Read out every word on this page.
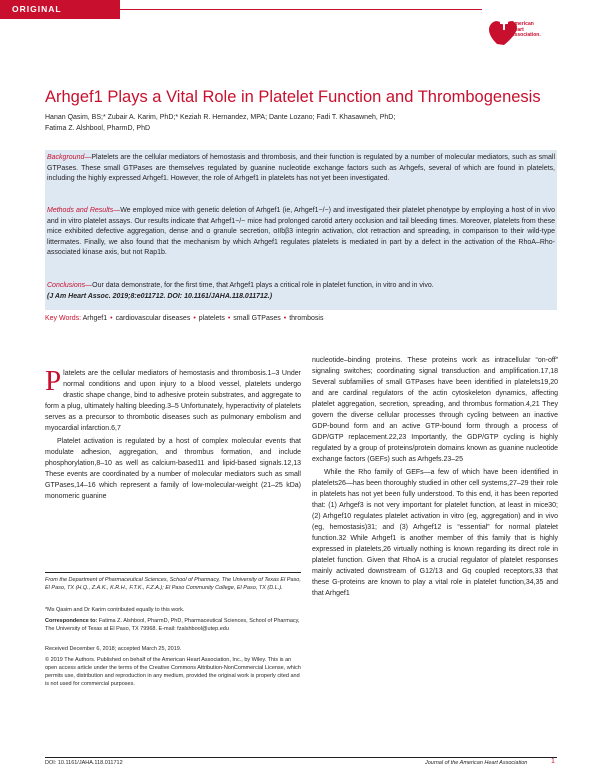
ORIGINAL RESEARCH	American
Heart
Association.
Arhgef1 Plays a Vital Role in Platelet Function and Thrombogenesis
Hanan Qasim, BS;* Zubair A. Karim, PhD;* Keziah R. Hernandez, MPA; Dante Lozano; Fadi T. Khasawneh, PhD;
Fatima Z. Alshbool, PharmD, PhD
Background—Platelets are the cellular mediators of hemostasis and thrombosis, and their function is regulated by a number of molecular mediators, such as small GTPases. These small GTPases are themselves regulated by guanine nucleotide exchange factors such as Arhgefs, several of which are found in platelets, including the highly expressed Arhgef1. However, the role of Arhgef1 in platelets has not yet been investigated.
Methods and Results—We employed mice with genetic deletion of Arhgef1 (ie, Arhgef1−/−) and investigated their platelet phenotype by employing a host of in vivo and in vitro platelet assays. Our results indicate that Arhgef1−/− mice had prolonged carotid artery occlusion and tail bleeding times. Moreover, platelets from these mice exhibited defective aggregation, dense and α granule secretion, αIIbβ3 integrin activation, clot retraction and spreading, in comparison to their wild-type littermates. Finally, we also found that the mechanism by which Arhgef1 regulates platelets is mediated in part by a defect in the activation of the RhoA–Rho-associated kinase axis, but not Rap1b.
Conclusions—Our data demonstrate, for the first time, that Arhgef1 plays a critical role in platelet function, in vitro and in vivo.
(J Am Heart Assoc. 2019;8:e011712. DOI: 10.1161/JAHA.118.011712.)
Key Words: Arhgef1 • cardiovascular diseases • platelets • small GTPases • thrombosis

Platelets are the cellular mediators of hemostasis and thrombosis.1–3 Under normal conditions and upon injury to a blood vessel, platelets undergo drastic shape change, bind to adhesive protein substrates, and aggregate to form a plug, ultimately halting bleeding.3–5 Unfortunately, hyperactivity of platelets serves as a precursor to thrombotic diseases such as pulmonary embolism and myocardial infarction.6,7

Platelet activation is regulated by a host of complex molecular events that modulate adhesion, aggregation, and thrombus formation, and include phosphorylation,8–10 as well as calcium-based11 and lipid-based signals.12,13 These events are coordinated by a number of molecular mediators such as small GTPases,14–16 which represent a family of low-molecular-weight (21–25 kDa) monomeric guanine

From the Department of Pharmaceutical Sciences, School of Pharmacy, The University of Texas El Paso, El Paso, TX (H.Q., Z.A.K., K.R.H., F.T.K., F.Z.A.); El Paso Community College, El Paso, TX (D.L.).
*Ms Qasim and Dr Karim contributed equally to this work.
Correspondence to: Fatima Z. Alshbool, PharmD, PhD, Pharmaceutical Sciences, School of Pharmacy, The University of Texas at El Paso, TX 79968. E-mail: fzalshbool@utep.edu
Received December 6, 2018; accepted March 25, 2019.
© 2019 The Authors. Published on behalf of the American Heart Association, Inc., by Wiley. This is an open access article under the terms of the Creative Commons Attribution-NonCommercial License, which permits use, distribution and reproduction in any medium, provided the original work is properly cited and is not used for commercial purposes.

nucleotide–binding proteins. These proteins work as intracellular “on-off” signaling switches; coordinating signal transduction and amplification.17,18 Several subfamilies of small GTPases have been identified in platelets19,20 and are cardinal regulators of the actin cytoskeleton dynamics, affecting platelet aggregation, secretion, spreading, and thrombus formation.4,21 They govern the diverse cellular processes through cycling between an inactive GDP-bound form and an active GTP-bound form through a process of GDP/GTP replacement.22,23 Importantly, the GDP/GTP cycling is highly regulated by a group of proteins/protein domains known as guanine nucleotide exchange factors (GEFs) such as Arhgefs.23–25

While the Rho family of GEFs—a few of which have been identified in platelets26—has been thoroughly studied in other cell systems,27–29 their role in platelets has not yet been fully understood. To this end, it has been reported that: (1) Arhgef3 is not very important for platelet function, at least in mice30; (2) Arhgef10 regulates platelet activation in vitro (eg, aggregation) and in vivo (eg, hemostasis)31; and (3) Arhgef12 is “essential” for normal platelet function.32 While Arhgef1 is another member of this family that is highly expressed in platelets,26 virtually nothing is known regarding its direct role in platelet function. Given that RhoA is a crucial regulator of platelet responses mainly activated downstream of G12/13 and Gq coupled receptors,33 that these G-proteins are known to play a vital role in platelet function,34,35 and that Arhgef1

DOI: 10.1161/JAHA.118.011712	Journal of the American Heart Association	1
